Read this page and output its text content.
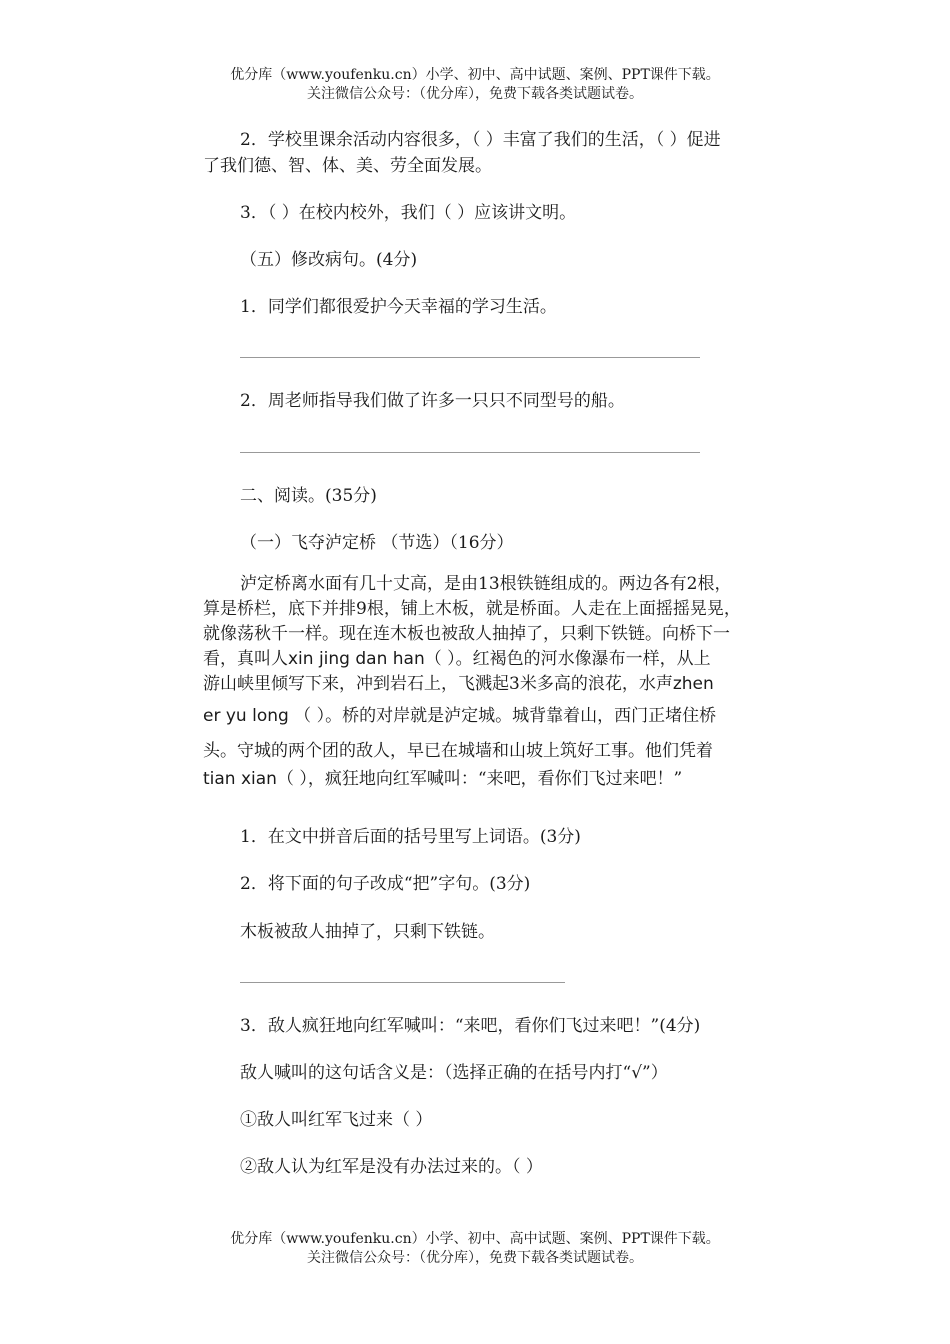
优分库（www.youfenku.cn）小学、初中、高中试题、案例、PPT课件下载。
关注微信公众号：（优分库），免费下载各类试题试卷。
2．学校里课余活动内容很多，（ ）丰富了我们的生活，（ ）促进
了我们德、智、体、美、劳全面发展。
3．（ ）在校内校外，我们（ ）应该讲文明。
（五）修改病句。(4分)
1．同学们都很爱护今天幸福的学习生活。
2．周老师指导我们做了许多一只只不同型号的船。
二、阅读。(35分)
（一）飞夺泸定桥 （节选）（16分）
泸定桥离水面有几十丈高，是由13根铁链组成的。两边各有2根，
算是桥栏，底下并排9根，铺上木板，就是桥面。人走在上面摇摇晃晃，
就像荡秋千一样。现在连木板也被敌人抽掉了，只剩下铁链。向桥下一
看，真叫人xin jing dan han（ ）。红褐色的河水像瀑布一样，从上
游山峡里倾写下来，冲到岩石上，飞溅起3米多高的浪花，水声zhen
er yu long （ ）。桥的对岸就是泸定城。城背靠着山，西门正堵住桥
头。守城的两个团的敌人，早已在城墙和山坡上筑好工事。他们凭着
tian xian（ ），疯狂地向红军喊叫：“来吧，看你们飞过来吧！”
1．在文中拼音后面的括号里写上词语。(3分)
2．将下面的句子改成“把”字句。(3分)
木板被敌人抽掉了，只剩下铁链。
3．敌人疯狂地向红军喊叫：“来吧，看你们飞过来吧！”(4分)
敌人喊叫的这句话含义是：（选择正确的在括号内打“√”）
①敌人叫红军飞过来（ ）
②敌人认为红军是没有办法过来的。（ ）
优分库（www.youfenku.cn）小学、初中、高中试题、案例、PPT课件下载。
关注微信公众号：（优分库），免费下载各类试题试卷。
